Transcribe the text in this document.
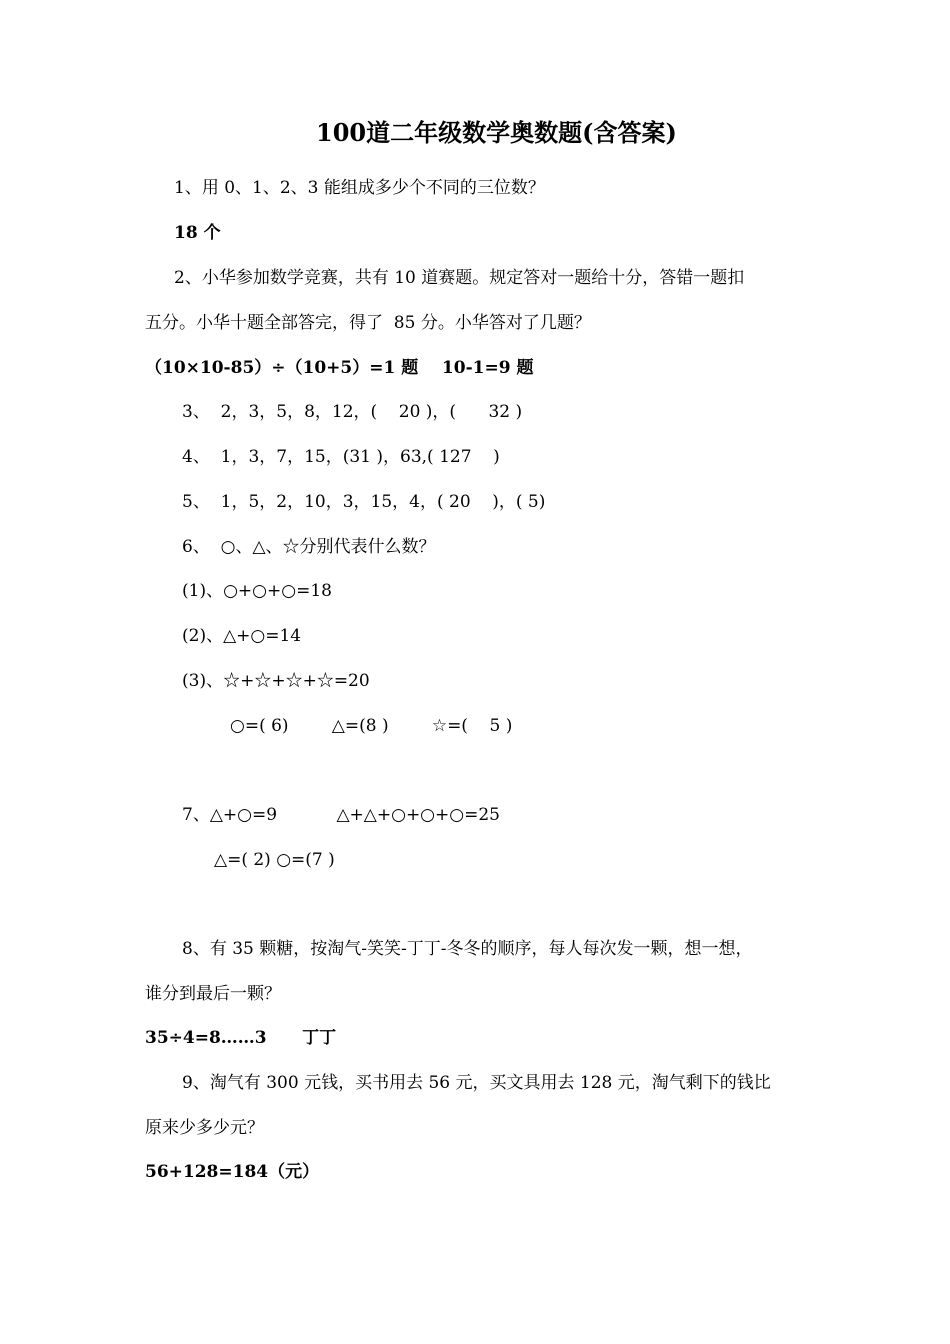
100道二年级数学奥数题(含答案)
1、用 0、1、2、3 能组成多少个不同的三位数？
18 个
2、小华参加数学竞赛，共有 10 道赛题。规定答对一题给十分，答错一题扣
五分。小华十题全部答完，得了  85 分。小华答对了几题？
（10×10-85）÷（10+5）=1 题    10-1=9 题
3、  2，3，5，8，12，(    20 )，(      32 )
4、  1，3，7，15，(31 )，63,( 127    )
5、  1，5，2，10，3，15，4，( 20    )，( 5)
6、  ○、△、☆分别代表什么数？
(1)、○+○+○=18
(2)、△+○=14
(3)、☆+☆+☆+☆=20
○=( 6)        △=(8 )        ☆=(    5 )
7、△+○=9           △+△+○+○+○=25
△=( 2) ○=(7 )
8、有 35 颗糖，按淘气-笑笑-丁丁-冬冬的顺序，每人每次发一颗，想一想，
谁分到最后一颗？
35÷4=8……3      丁丁
9、淘气有 300 元钱，买书用去 56 元，买文具用去 128 元，淘气剩下的钱比
原来少多少元？
56+128=184（元）
